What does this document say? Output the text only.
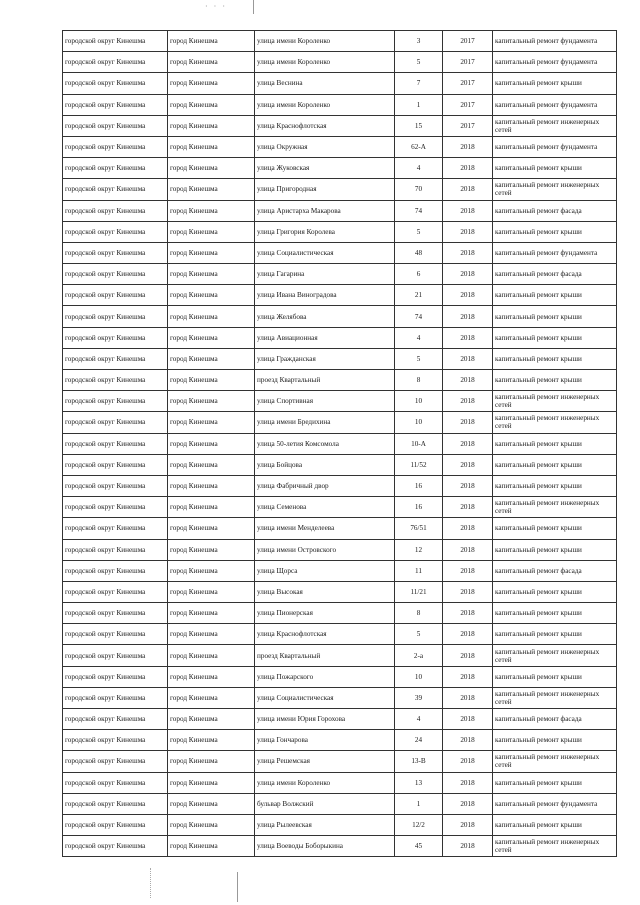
· · ·
городской округ Кинешма	город Кинешма	улица имени Короленко	3	2017	капитальный ремонт фундамента
городской округ Кинешма	город Кинешма	улица имени Короленко	5	2017	капитальный ремонт фундамента
городской округ Кинешма	город Кинешма	улица Веснина	7	2017	капитальный ремонт крыши
городской округ Кинешма	город Кинешма	улица имени Короленко	1	2017	капитальный ремонт фундамента
городской округ Кинешма	город Кинешма	улица Краснофлотская	15	2017	капитальный ремонт инженерных сетей
городской округ Кинешма	город Кинешма	улица Окружная	62-А	2018	капитальный ремонт фундамента
городской округ Кинешма	город Кинешма	улица Жуковская	4	2018	капитальный ремонт крыши
городской округ Кинешма	город Кинешма	улица Пригородная	70	2018	капитальный ремонт инженерных сетей
городской округ Кинешма	город Кинешма	улица Аристарха Макарова	74	2018	капитальный ремонт фасада
городской округ Кинешма	город Кинешма	улица Григория Королева	5	2018	капитальный ремонт крыши
городской округ Кинешма	город Кинешма	улица Социалистическая	48	2018	капитальный ремонт фундамента
городской округ Кинешма	город Кинешма	улица Гагарина	6	2018	капитальный ремонт фасада
городской округ Кинешма	город Кинешма	улица Ивана Виноградова	21	2018	капитальный ремонт крыши
городской округ Кинешма	город Кинешма	улица Желябова	74	2018	капитальный ремонт крыши
городской округ Кинешма	город Кинешма	улица Авиационная	4	2018	капитальный ремонт крыши
городской округ Кинешма	город Кинешма	улица Гражданская	5	2018	капитальный ремонт крыши
городской округ Кинешма	город Кинешма	проезд Квартальный	8	2018	капитальный ремонт крыши
городской округ Кинешма	город Кинешма	улица Спортивная	10	2018	капитальный ремонт инженерных сетей
городской округ Кинешма	город Кинешма	улица имени Бредихина	10	2018	капитальный ремонт инженерных сетей
городской округ Кинешма	город Кинешма	улица 50-летия Комсомола	10-А	2018	капитальный ремонт крыши
городской округ Кинешма	город Кинешма	улица Бойцова	11/52	2018	капитальный ремонт крыши
городской округ Кинешма	город Кинешма	улица Фабричный двор	16	2018	капитальный ремонт крыши
городской округ Кинешма	город Кинешма	улица Семенова	16	2018	капитальный ремонт инженерных сетей
городской округ Кинешма	город Кинешма	улица имени Менделеева	76/51	2018	капитальный ремонт крыши
городской округ Кинешма	город Кинешма	улица имени Островского	12	2018	капитальный ремонт крыши
городской округ Кинешма	город Кинешма	улица Щорса	11	2018	капитальный ремонт фасада
городской округ Кинешма	город Кинешма	улица Высокая	11/21	2018	капитальный ремонт крыши
городской округ Кинешма	город Кинешма	улица Пионерская	8	2018	капитальный ремонт крыши
городской округ Кинешма	город Кинешма	улица Краснофлотская	5	2018	капитальный ремонт крыши
городской округ Кинешма	город Кинешма	проезд Квартальный	2-а	2018	капитальный ремонт инженерных сетей
городской округ Кинешма	город Кинешма	улица Пожарского	10	2018	капитальный ремонт крыши
городской округ Кинешма	город Кинешма	улица Социалистическая	39	2018	капитальный ремонт инженерных сетей
городской округ Кинешма	город Кинешма	улица имени Юрия Горохова	4	2018	капитальный ремонт фасада
городской округ Кинешма	город Кинешма	улица Гончарова	24	2018	капитальный ремонт крыши
городской округ Кинешма	город Кинешма	улица Решемская	13-В	2018	капитальный ремонт инженерных сетей
городской округ Кинешма	город Кинешма	улица имени Короленко	13	2018	капитальный ремонт крыши
городской округ Кинешма	город Кинешма	бульвар Волжский	1	2018	капитальный ремонт фундамента
городской округ Кинешма	город Кинешма	улица Рылеевская	12/2	2018	капитальный ремонт крыши
городской округ Кинешма	город Кинешма	улица Воеводы Боборыкина	45	2018	капитальный ремонт инженерных сетей
